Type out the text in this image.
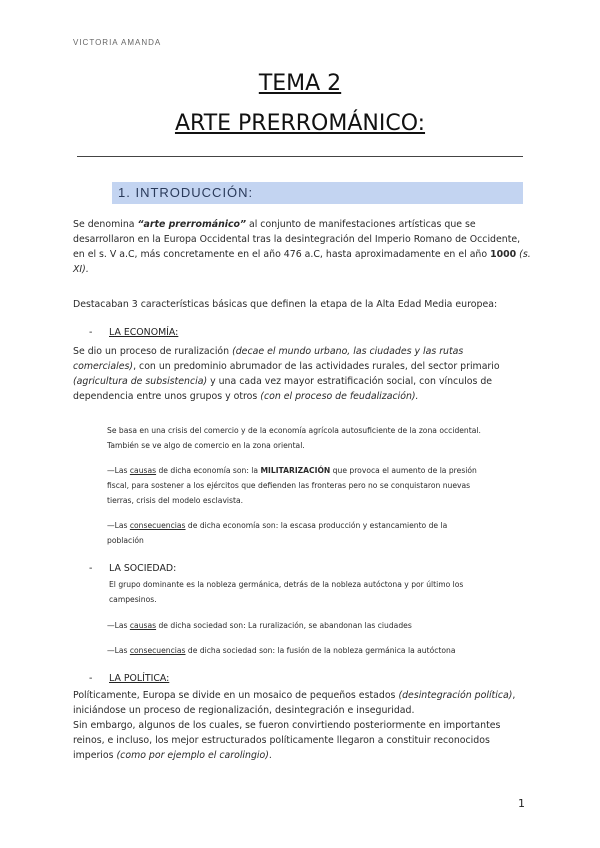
VICTORIA AMANDA
TEMA 2
ARTE PRERROMÁNICO:
1. INTRODUCCIÓN:

Se denomina “arte prerrománico” al conjunto de manifestaciones artísticas que se

desarrollaron en la Europa Occidental tras la desintegración del Imperio Romano de Occidente,

en el s. V a.C, más concretamente en el año 476 a.C, hasta aproximadamente en el año 1000 (s.

XI).

Destacaban 3 características básicas que definen la etapa de la Alta Edad Media europea:
- LA ECONOMÍA:

Se dio un proceso de ruralización (decae el mundo urbano, las ciudades y las rutas

comerciales), con un predominio abrumador de las actividades rurales, del sector primario

(agricultura de subsistencia) y una cada vez mayor estratificación social, con vínculos de

dependencia entre unos grupos y otros (con el proceso de feudalización).

Se basa en una crisis del comercio y de la economía agrícola autosuficiente de la zona occidental.

También se ve algo de comercio en la zona oriental.

—Las causas de dicha economía son: la MILITARIZACIÓN que provoca el aumento de la presión

fiscal, para sostener a los ejércitos que defienden las fronteras pero no se conquistaron nuevas

tierras, crisis del modelo esclavista.

—Las consecuencias de dicha economía son: la escasa producción y estancamiento de la

población

- LA SOCIEDAD:

El grupo dominante es la nobleza germánica, detrás de la nobleza autóctona y por último los

campesinos.

—Las causas de dicha sociedad son: La ruralización, se abandonan las ciudades

—Las consecuencias de dicha sociedad son: la fusión de la nobleza germánica la autóctona

- LA POLÍTICA:

Políticamente, Europa se divide en un mosaico de pequeños estados (desintegración política),

iniciándose un proceso de regionalización, desintegración e inseguridad.

Sin embargo, algunos de los cuales, se fueron convirtiendo posteriormente en importantes

reinos, e incluso, los mejor estructurados políticamente llegaron a constituir reconocidos

imperios (como por ejemplo el carolingio).

1
